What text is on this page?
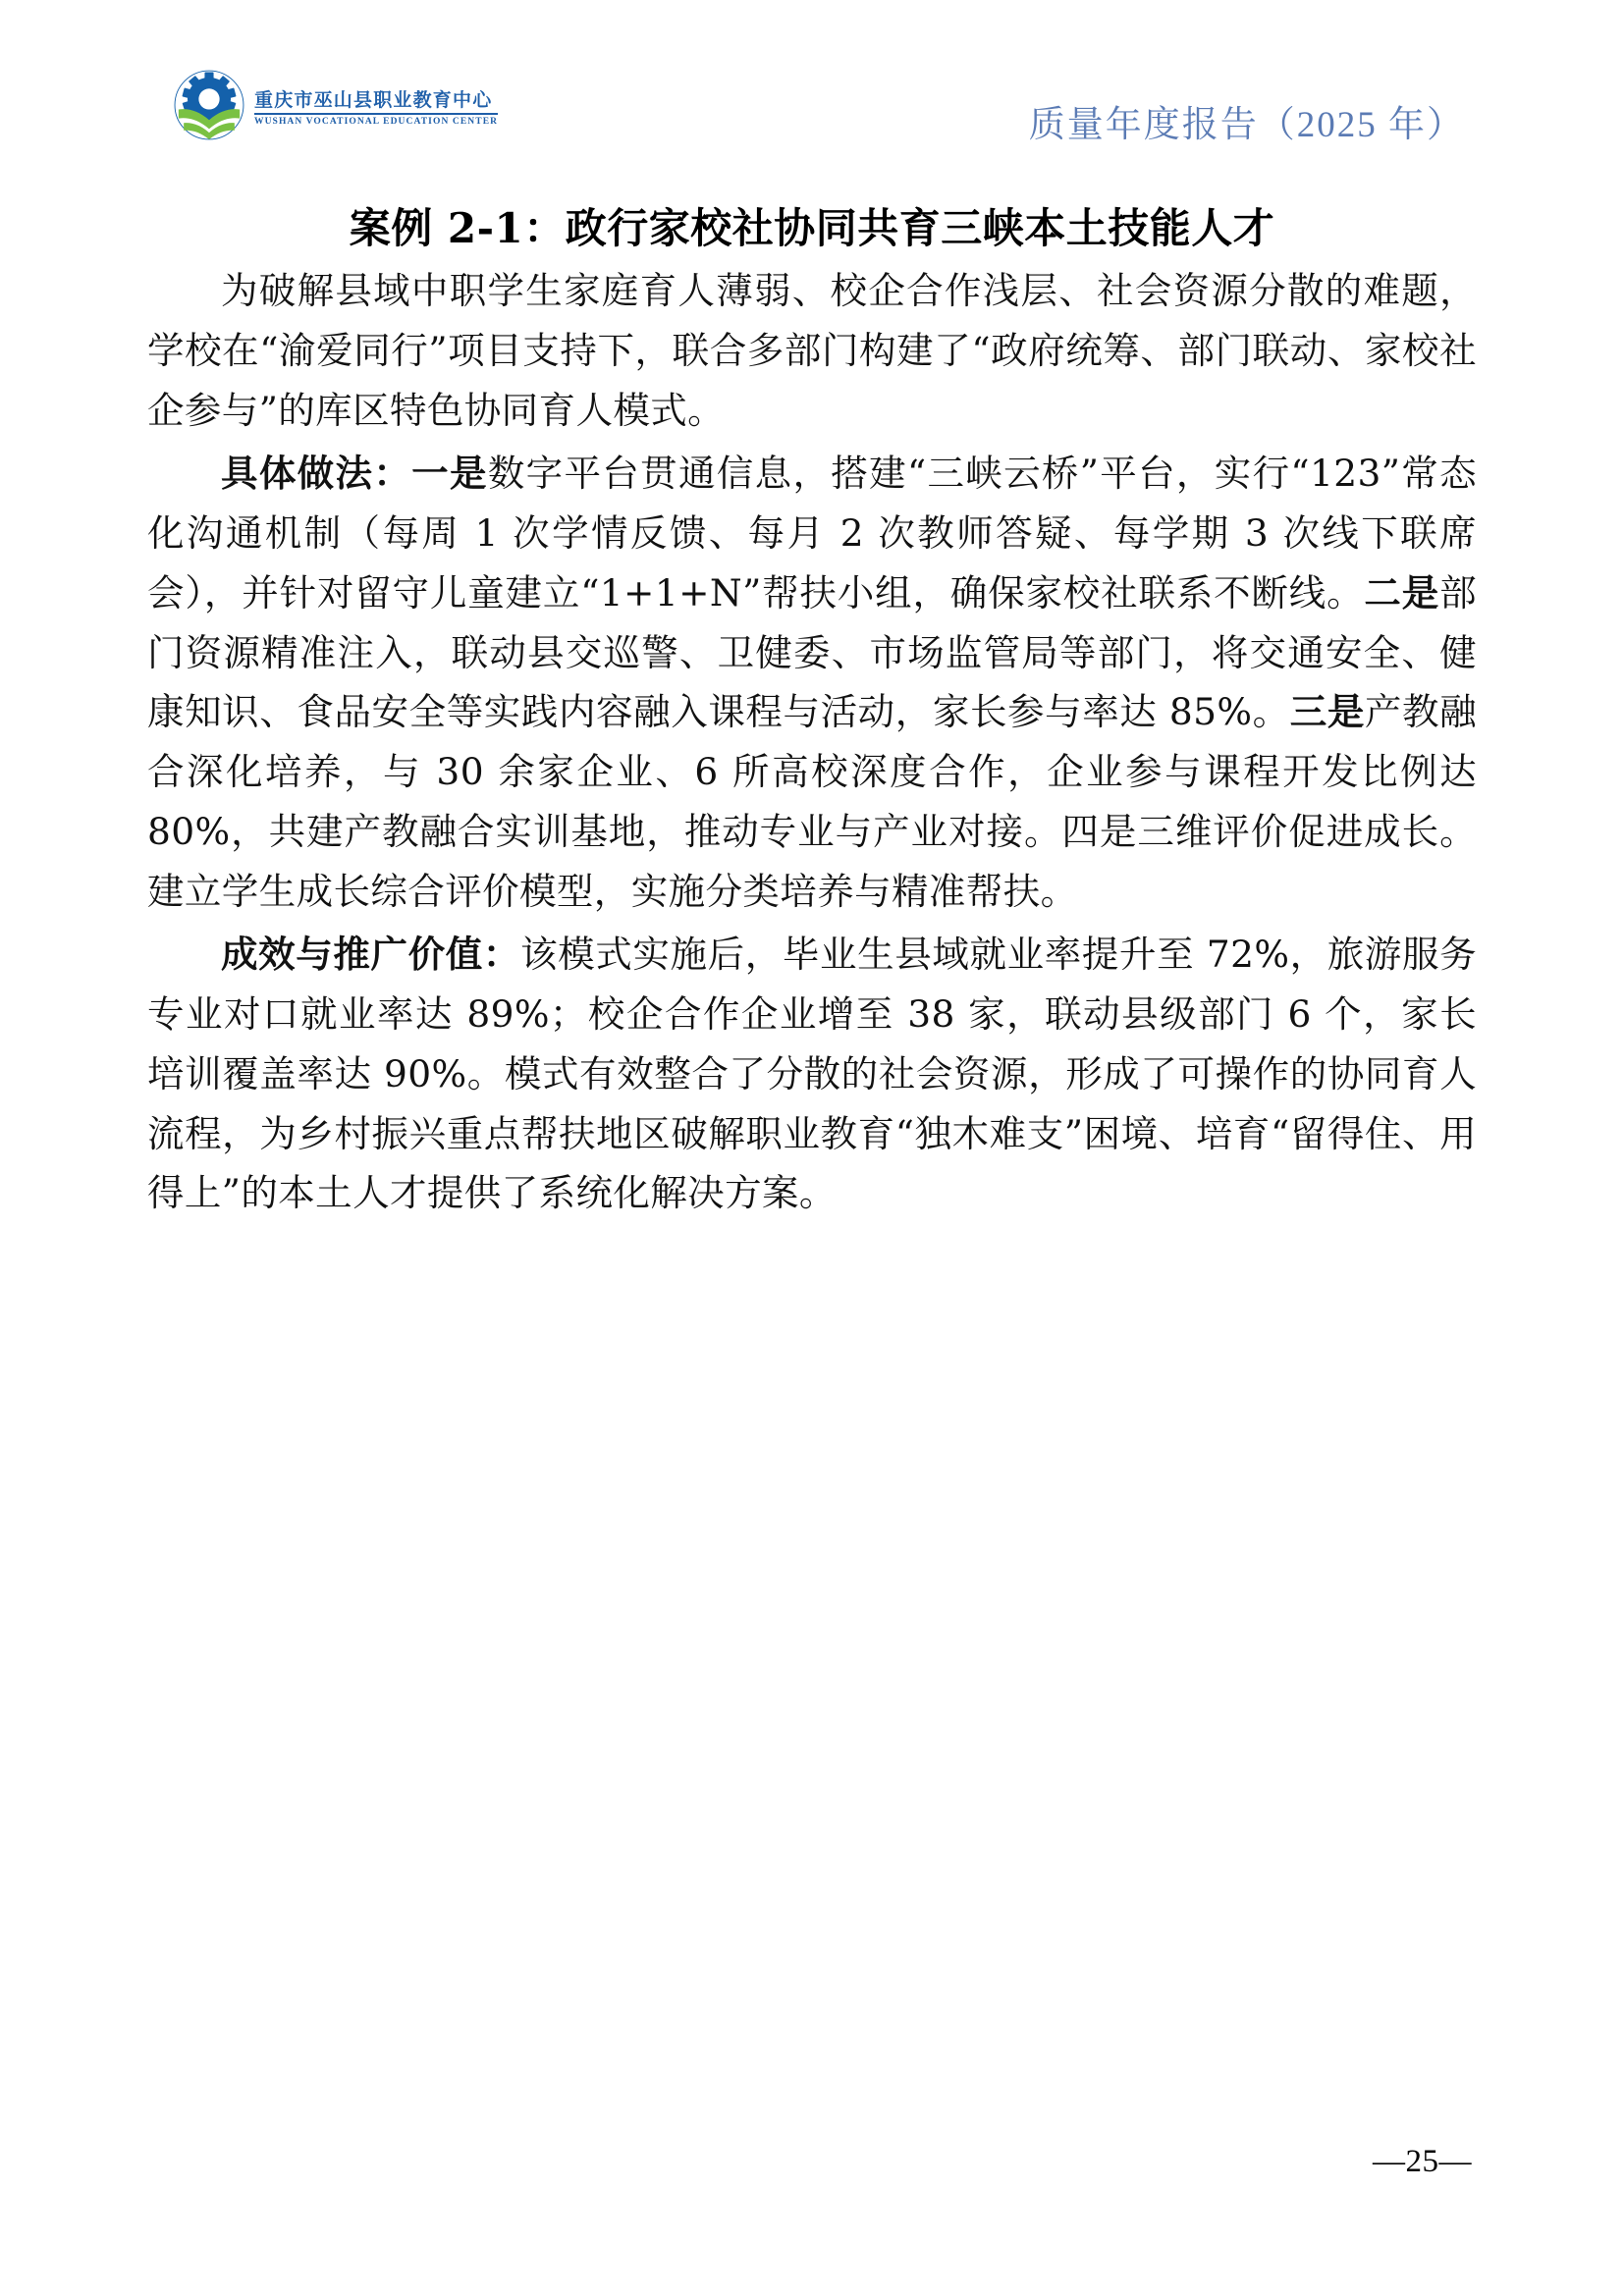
重庆市巫山县职业教育中心
WUSHAN VOCATIONAL EDUCATION CENTER	质量年度报告（2025 年）
案例 2-1：政行家校社协同共育三峡本土技能人才

为破解县域中职学生家庭育人薄弱、校企合作浅层、社会资源分散的难题，学校在“渝爱同行”项目支持下，联合多部门构建了“政府统筹、部门联动、家校社企参与”的库区特色协同育人模式。

具体做法：一是数字平台贯通信息，搭建“三峡云桥”平台，实行“123”常态化沟通机制（每周 1 次学情反馈、每月 2 次教师答疑、每学期 3 次线下联席会），并针对留守儿童建立“1+1+N”帮扶小组，确保家校社联系不断线。二是部门资源精准注入，联动县交巡警、卫健委、市场监管局等部门，将交通安全、健康知识、食品安全等实践内容融入课程与活动，家长参与率达 85%。三是产教融合深化培养，与 30 余家企业、6 所高校深度合作，企业参与课程开发比例达 80%，共建产教融合实训基地，推动专业与产业对接。四是三维评价促进成长。建立学生成长综合评价模型，实施分类培养与精准帮扶。

成效与推广价值：该模式实施后，毕业生县域就业率提升至 72%，旅游服务专业对口就业率达 89%；校企合作企业增至 38 家，联动县级部门 6 个，家长培训覆盖率达 90%。模式有效整合了分散的社会资源，形成了可操作的协同育人流程，为乡村振兴重点帮扶地区破解职业教育“独木难支”困境、培育“留得住、用得上”的本土人才提供了系统化解决方案。

—25—
